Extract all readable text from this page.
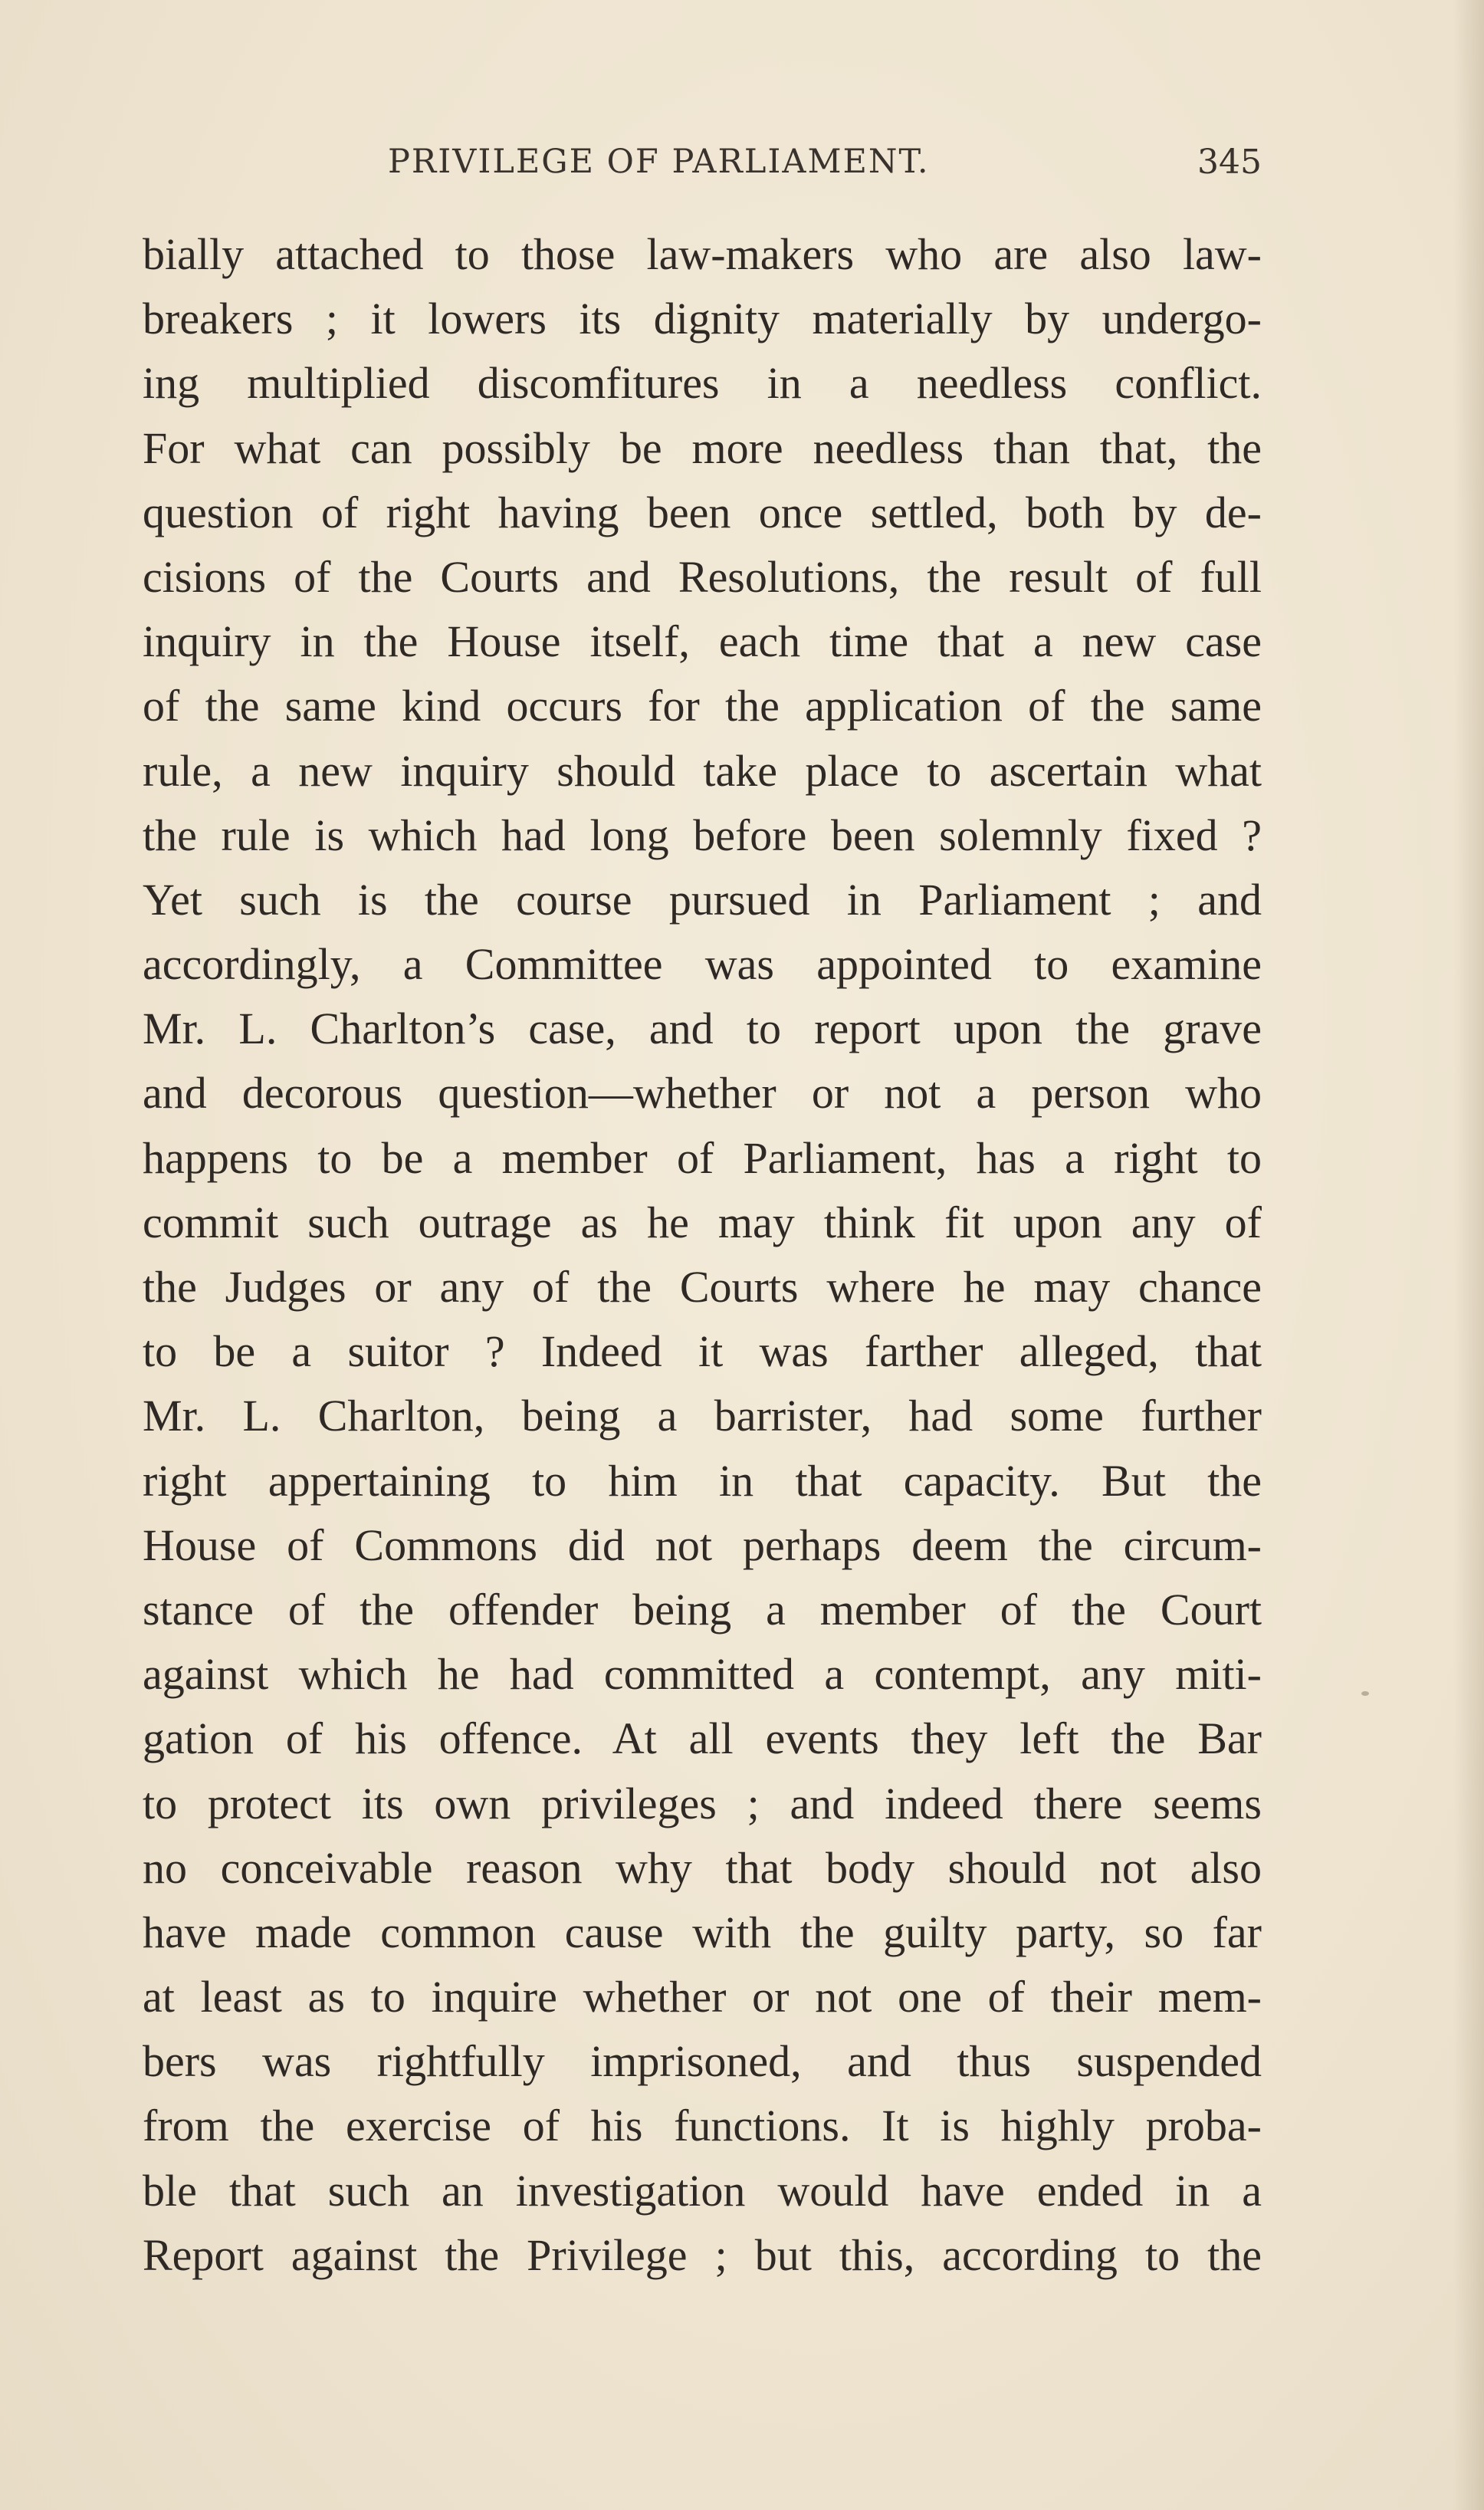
PRIVILEGE OF PARLIAMENT.	345
bially attached to those law-makers who are also law-
breakers ; it lowers its dignity materially by undergo-
ing multiplied discomfitures in a needless conflict.
For what can possibly be more needless than that, the
question of right having been once settled, both by de-
cisions of the Courts and Resolutions, the result of full
inquiry in the House itself, each time that a new case
of the same kind occurs for the application of the same
rule, a new inquiry should take place to ascertain what
the rule is which had long before been solemnly fixed ?
Yet such is the course pursued in Parliament ; and
accordingly, a Committee was appointed to examine
Mr. L. Charlton’s case, and to report upon the grave
and decorous question—whether or not a person who
happens to be a member of Parliament, has a right to
commit such outrage as he may think fit upon any of
the Judges or any of the Courts where he may chance
to be a suitor ? Indeed it was farther alleged, that
Mr. L. Charlton, being a barrister, had some further
right appertaining to him in that capacity. But the
House of Commons did not perhaps deem the circum-
stance of the offender being a member of the Court
against which he had committed a contempt, any miti-
gation of his offence. At all events they left the Bar
to protect its own privileges ; and indeed there seems
no conceivable reason why that body should not also
have made common cause with the guilty party, so far
at least as to inquire whether or not one of their mem-
bers was rightfully imprisoned, and thus suspended
from the exercise of his functions. It is highly proba-
ble that such an investigation would have ended in a
Report against the Privilege ; but this, according to the
